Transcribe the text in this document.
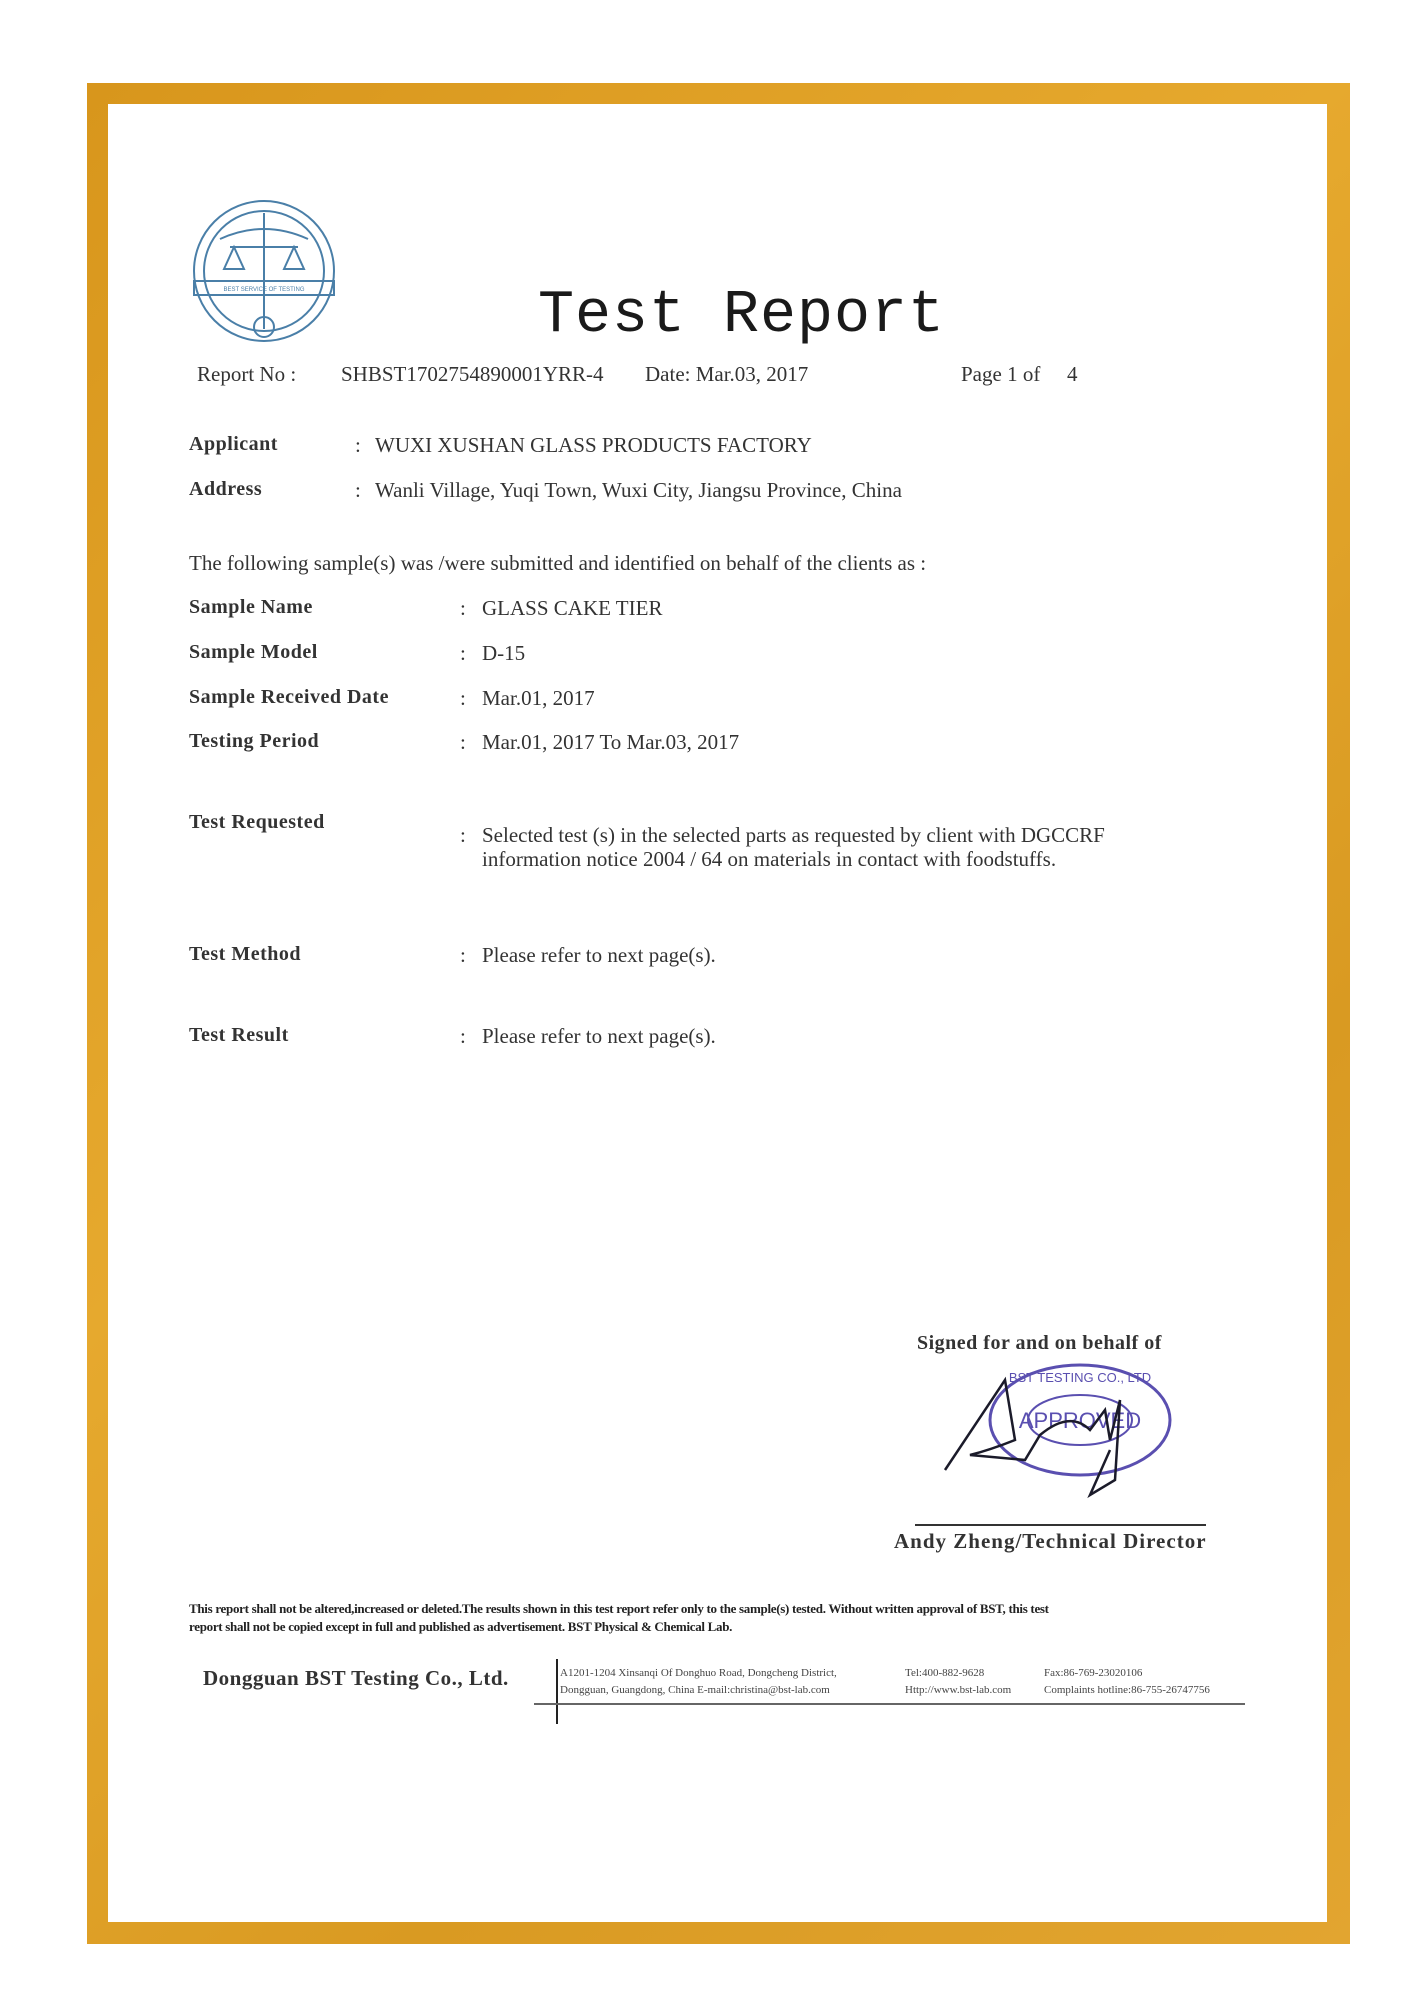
BEST SERVICE OF TESTING	Test Report
Report No : SHBST1702754890001YRR-4 Date: Mar.03, 2017	Page 1 of 4
Applicant	: WUXI XUSHAN GLASS PRODUCTS FACTORY
Address	: Wanli Village, Yuqi Town, Wuxi City, Jiangsu Province, China
The following sample(s) was /were submitted and identified on behalf of the clients as :
Sample Name	: GLASS CAKE TIER
Sample Model	: D-15
Sample Received Date	: Mar.01, 2017
Testing Period	: Mar.01, 2017 To Mar.03, 2017
Test Requested
: Selected test (s) in the selected parts as requested by client with DGCCRF
information notice 2004 / 64 on materials in contact with foodstuffs.
Test Method	: Please refer to next page(s).
Test Result	: Please refer to next page(s).
Signed for and on behalf of
APPROVED
BST TESTING CO., LTD
Andy Zheng/Technical Director
This report shall not be altered,increased or deleted.The results shown in this test report refer only to the sample(s) tested. Without written approval of BST, this test
report shall not be copied except in full and published as advertisement. BST Physical & Chemical Lab.
Dongguan BST Testing Co., Ltd.	A1201-1204 Xinsanqi Of Donghuo Road, Dongcheng District,
Dongguan, Guangdong, China E-mail:christina@bst-lab.com
Tel:400-882-9628
Http://www.bst-lab.com
Fax:86-769-23020106
Complaints hotline:86-755-26747756
